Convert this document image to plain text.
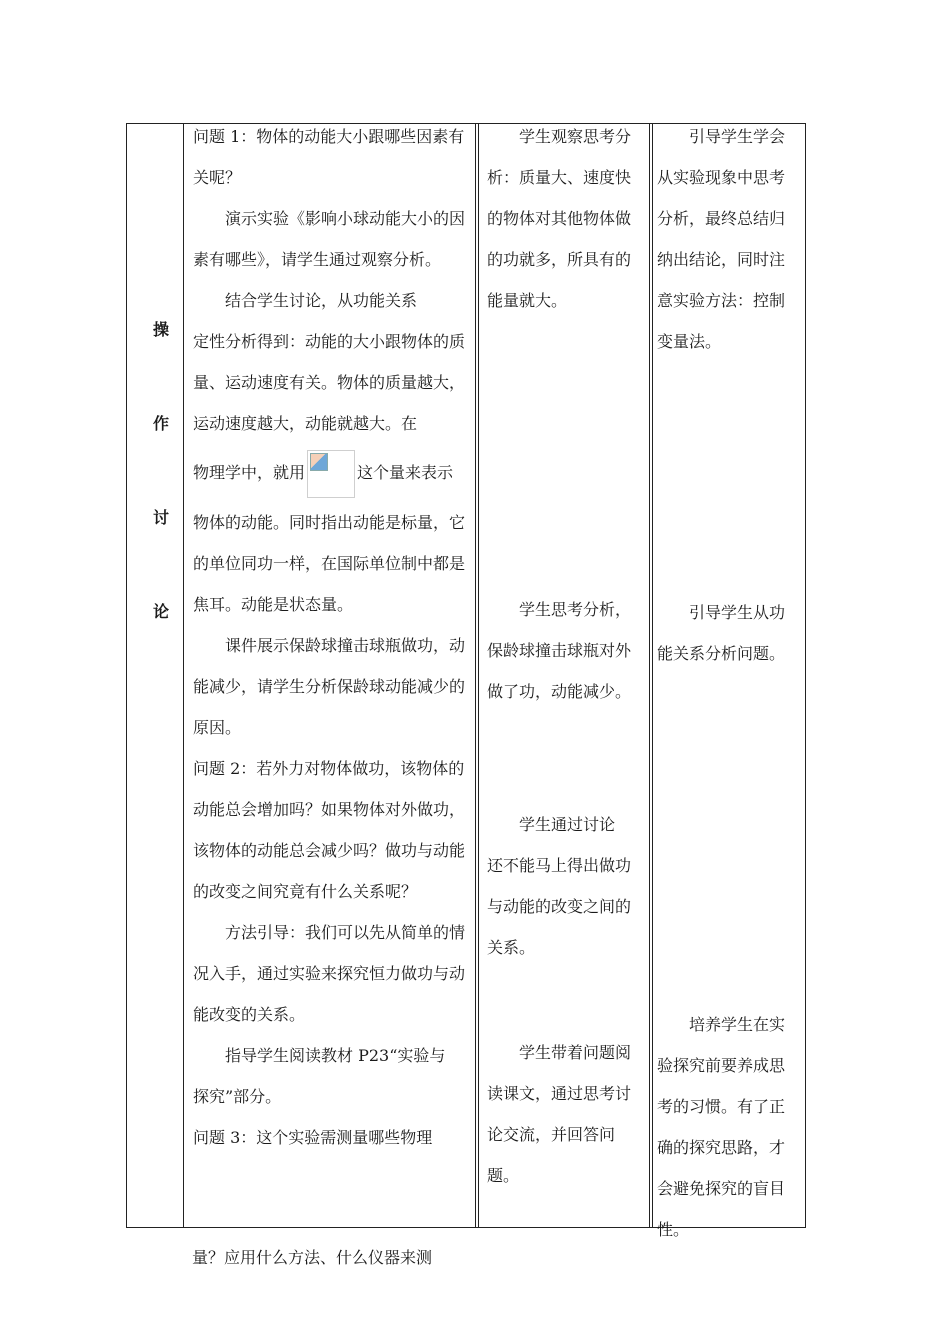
操
作
讨
论

问题 1：物体的动能大小跟哪些因素有关呢？

演示实验《影响小球动能大小的因素有哪些》，请学生通过观察分析。

结合学生讨论，从功能关系

定性分析得到：动能的大小跟物体的质量、运动速度有关。物体的质量越大，运动速度越大，动能就越大。在

物理学中，就用	这个量来表示

物体的动能。同时指出动能是标量，它的单位同功一样，在国际单位制中都是焦耳。动能是状态量。

课件展示保龄球撞击球瓶做功，动能减少，请学生分析保龄球动能减少的原因。

问题 2：若外力对物体做功，该物体的动能总会增加吗？如果物体对外做功，该物体的动能总会减少吗？做功与动能的改变之间究竟有什么关系呢？

方法引导：我们可以先从简单的情况入手，通过实验来探究恒力做功与动能改变的关系。

指导学生阅读教材 P23“实验与

探究”部分。

问题 3：这个实验需测量哪些物理

学生观察思考分析：质量大、速度快的物体对其他物体做的功就多，所具有的能量就大。

学生思考分析，保龄球撞击球瓶对外做了功，动能减少。

学生通过讨论

还不能马上得出做功与动能的改变之间的关系。

学生带着问题阅读课文，通过思考讨论交流，并回答问题。

引导学生学会从实验现象中思考分析，最终总结归纳出结论，同时注

意实验方法：控制变量法。

引导学生从功能关系分析问题。

培养学生在实验探究前要养成思考的习惯。有了正确的探究思路，才会避免探究的盲目性。

量？应用什么方法、什么仪器来测
